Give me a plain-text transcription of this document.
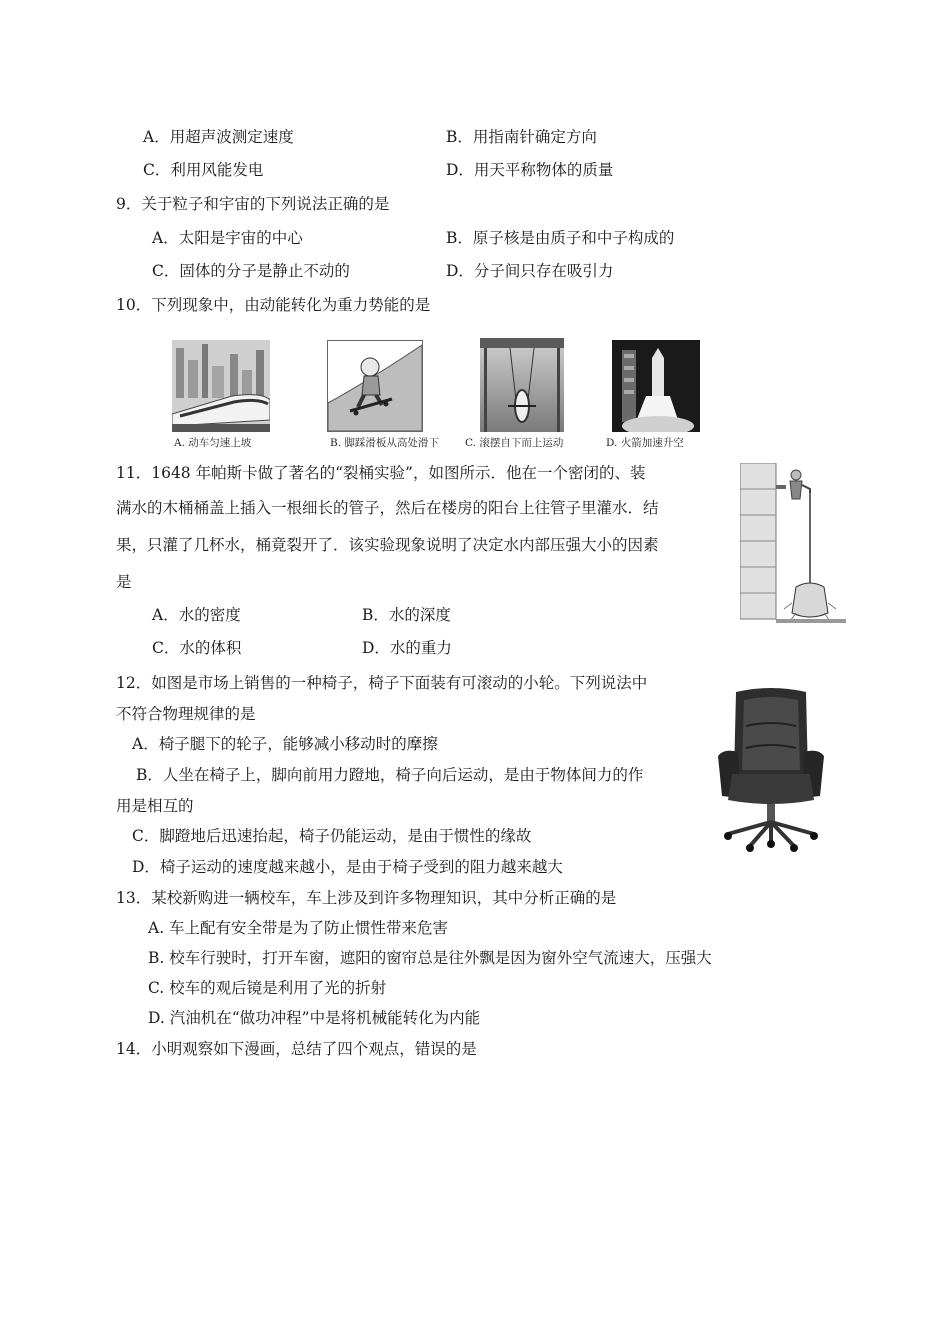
A．用超声波测定速度	B．用指南针确定方向
C．利用风能发电	D．用天平称物体的质量
9．关于粒子和宇宙的下列说法正确的是
A．太阳是宇宙的中心	B．原子核是由质子和中子构成的
C．固体的分子是静止不动的	D．分子间只存在吸引力
10．下列现象中，由动能转化为重力势能的是
A. 动车匀速上坡	B. 脚踩滑板从高处滑下 C. 滚摆自下而上运动	D. 火箭加速升空
11．1648 年帕斯卡做了著名的“裂桶实验”，如图所示．他在一个密闭的、装
满水的木桶桶盖上插入一根细长的管子，然后在楼房的阳台上往管子里灌水．结
果，只灌了几杯水，桶竟裂开了．该实验现象说明了决定水内部压强大小的因素
是
A．水的密度	B．水的深度
C．水的体积	D．水的重力
12．如图是市场上销售的一种椅子，椅子下面装有可滚动的小轮。下列说法中
不符合物理规律的是
A．椅子腿下的轮子，能够减小移动时的摩擦
B．人坐在椅子上，脚向前用力蹬地，椅子向后运动，是由于物体间力的作
用是相互的
C．脚蹬地后迅速抬起，椅子仍能运动，是由于惯性的缘故
D．椅子运动的速度越来越小，是由于椅子受到的阻力越来越大
13．某校新购进一辆校车，车上涉及到许多物理知识，其中分析正确的是
A. 车上配有安全带是为了防止惯性带来危害
B. 校车行驶时，打开车窗，遮阳的窗帘总是往外飘是因为窗外空气流速大，压强大
C. 校车的观后镜是利用了光的折射
D. 汽油机在“做功冲程”中是将机械能转化为内能
14．小明观察如下漫画，总结了四个观点，错误的是
